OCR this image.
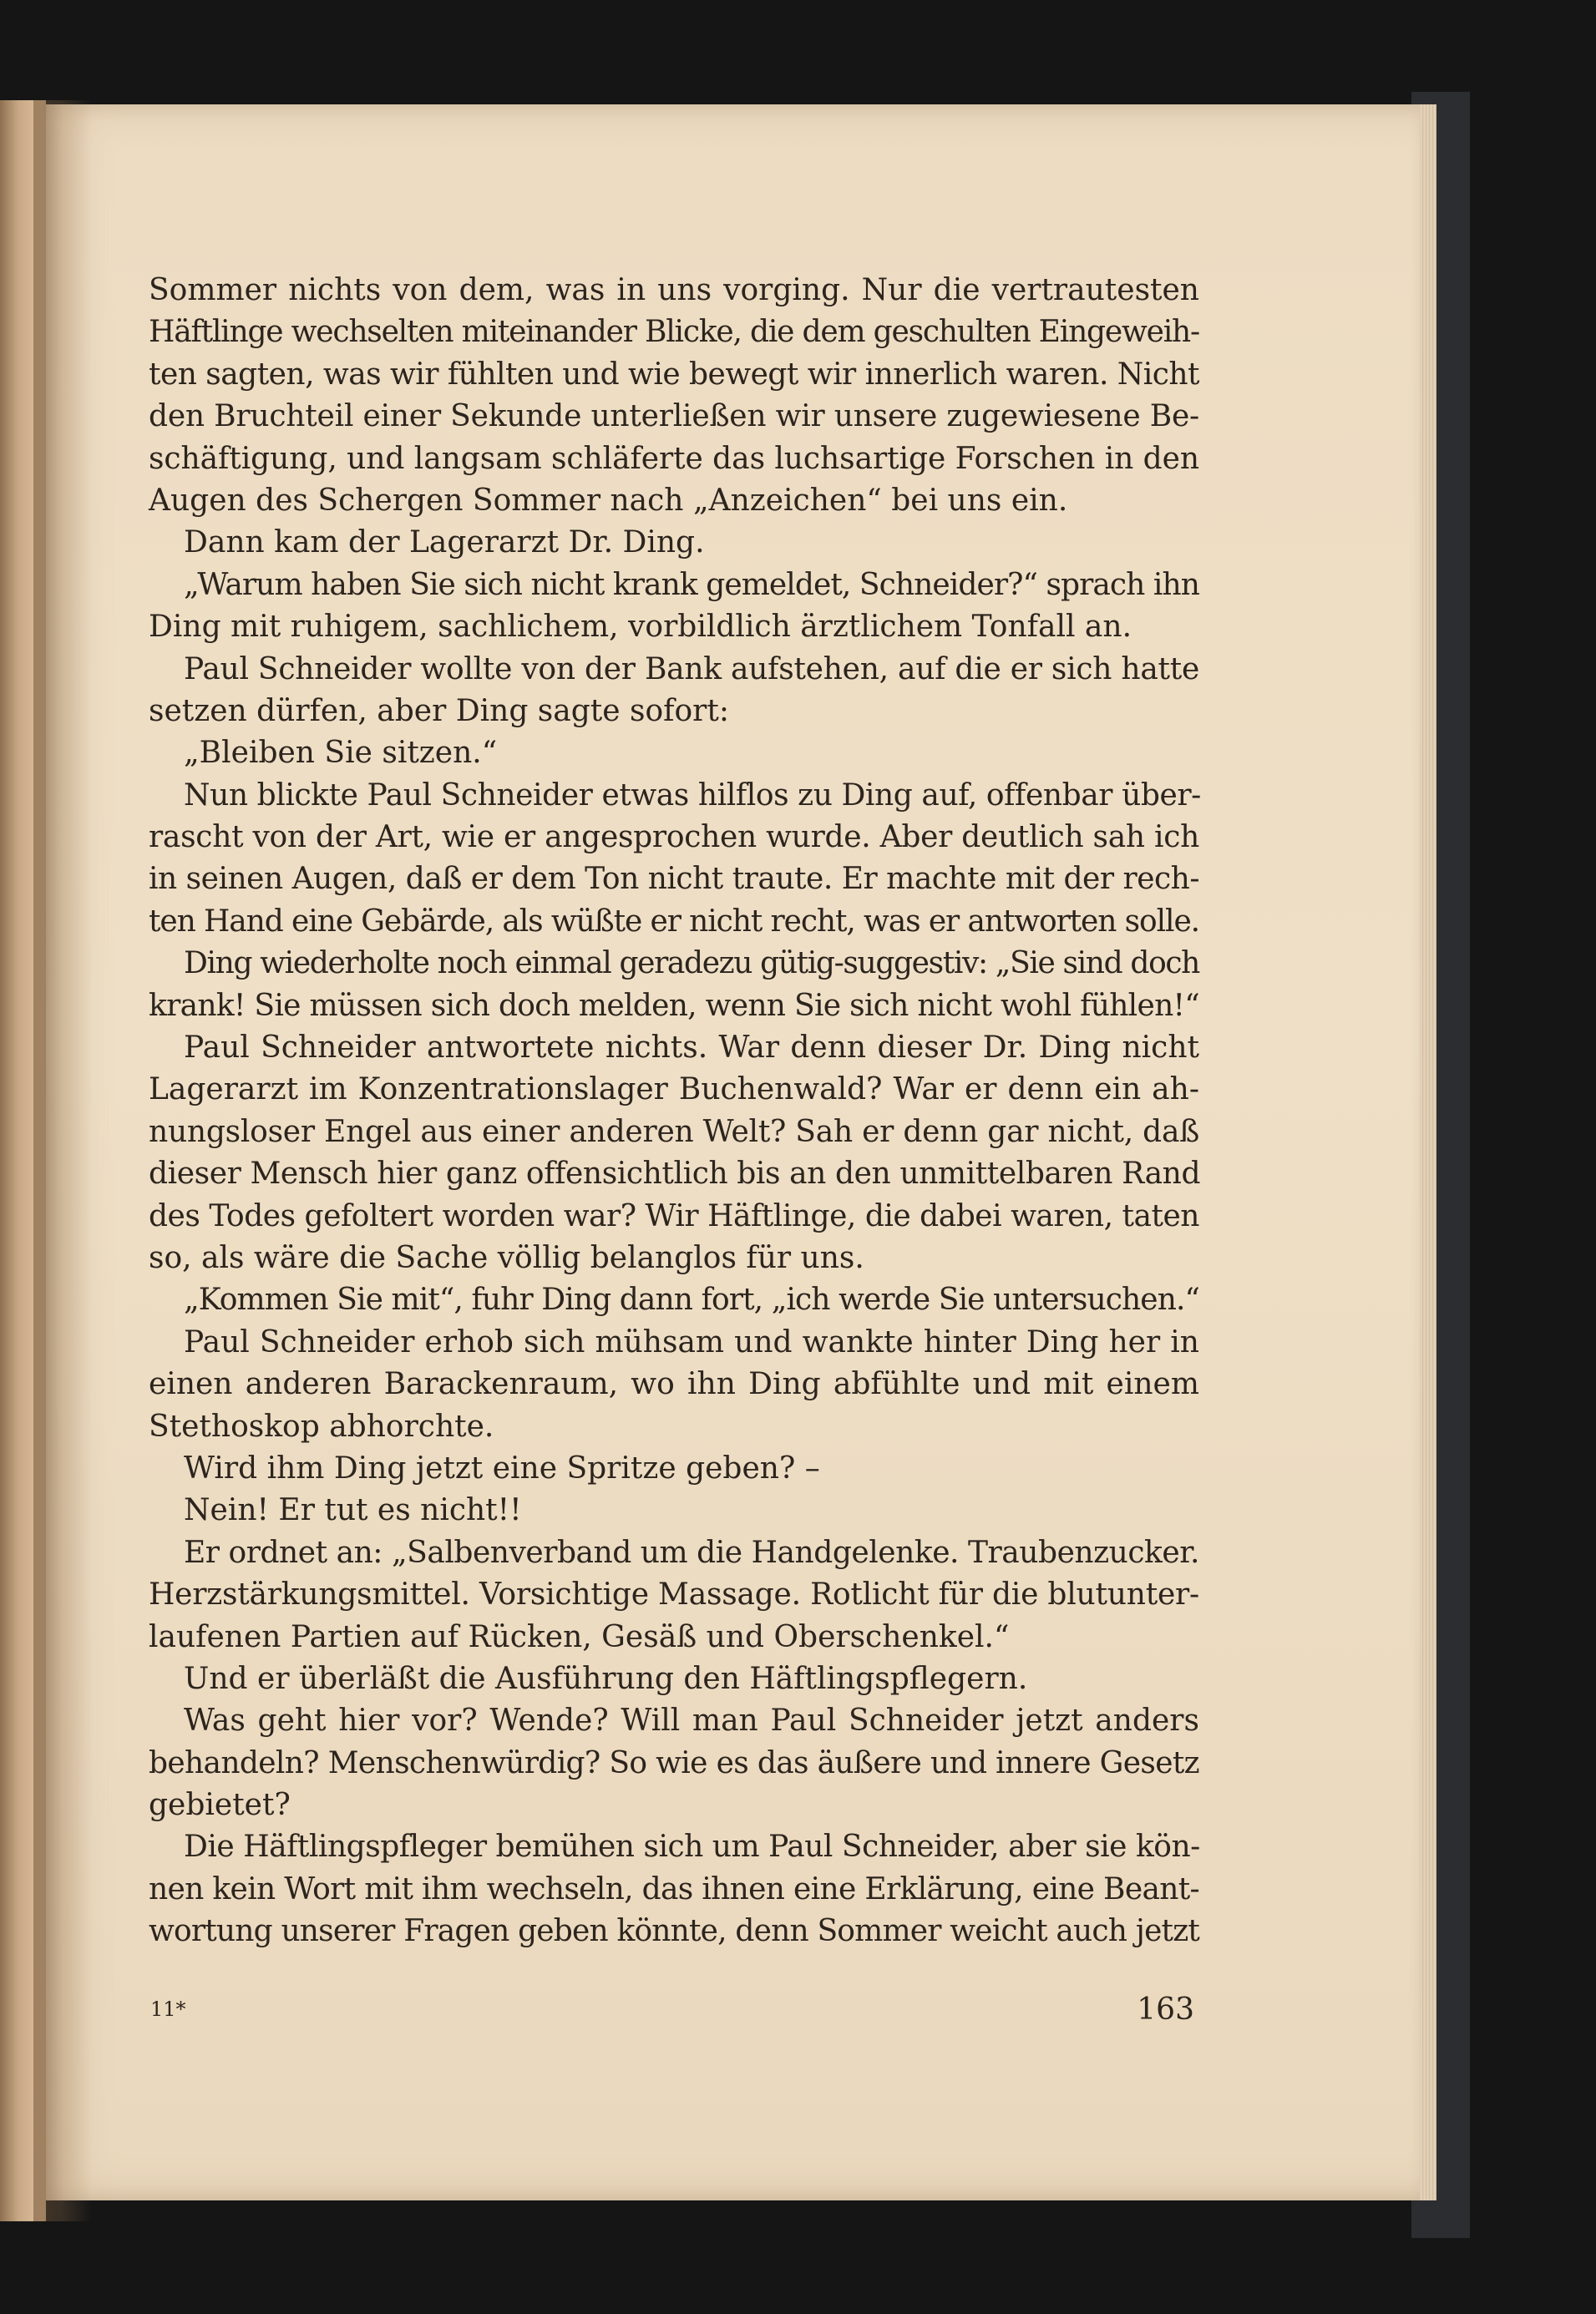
Sommer nichts von dem, was in uns vorging. Nur die vertrautesten
Häftlinge wechselten miteinander Blicke, die dem geschulten Eingeweih-
ten sagten, was wir fühlten und wie bewegt wir innerlich waren. Nicht
den Bruchteil einer Sekunde unterließen wir unsere zugewiesene Be-
schäftigung, und langsam schläferte das luchsartige Forschen in den
Augen des Schergen Sommer nach „Anzeichen“ bei uns ein.
Dann kam der Lagerarzt Dr. Ding.
„Warum haben Sie sich nicht krank gemeldet, Schneider?“ sprach ihn
Ding mit ruhigem, sachlichem, vorbildlich ärztlichem Tonfall an.
Paul Schneider wollte von der Bank aufstehen, auf die er sich hatte
setzen dürfen, aber Ding sagte sofort:
„Bleiben Sie sitzen.“
Nun blickte Paul Schneider etwas hilflos zu Ding auf, offenbar über-
rascht von der Art, wie er angesprochen wurde. Aber deutlich sah ich
in seinen Augen, daß er dem Ton nicht traute. Er machte mit der rech-
ten Hand eine Gebärde, als wüßte er nicht recht, was er antworten solle.
Ding wiederholte noch einmal geradezu gütig-suggestiv: „Sie sind doch
krank! Sie müssen sich doch melden, wenn Sie sich nicht wohl fühlen!“
Paul Schneider antwortete nichts. War denn dieser Dr. Ding nicht
Lagerarzt im Konzentrationslager Buchenwald? War er denn ein ah-
nungsloser Engel aus einer anderen Welt? Sah er denn gar nicht, daß
dieser Mensch hier ganz offensichtlich bis an den unmittelbaren Rand
des Todes gefoltert worden war? Wir Häftlinge, die dabei waren, taten
so, als wäre die Sache völlig belanglos für uns.
„Kommen Sie mit“, fuhr Ding dann fort, „ich werde Sie untersuchen.“
Paul Schneider erhob sich mühsam und wankte hinter Ding her in
einen anderen Barackenraum, wo ihn Ding abfühlte und mit einem
Stethoskop abhorchte.
Wird ihm Ding jetzt eine Spritze geben? –
Nein! Er tut es nicht!!
Er ordnet an: „Salbenverband um die Handgelenke. Traubenzucker.
Herzstärkungsmittel. Vorsichtige Massage. Rotlicht für die blutunter-
laufenen Partien auf Rücken, Gesäß und Oberschenkel.“
Und er überläßt die Ausführung den Häftlingspflegern.
Was geht hier vor? Wende? Will man Paul Schneider jetzt anders
behandeln? Menschenwürdig? So wie es das äußere und innere Gesetz
gebietet?
Die Häftlingspfleger bemühen sich um Paul Schneider, aber sie kön-
nen kein Wort mit ihm wechseln, das ihnen eine Erklärung, eine Beant-
wortung unserer Fragen geben könnte, denn Sommer weicht auch jetzt
11*	163
